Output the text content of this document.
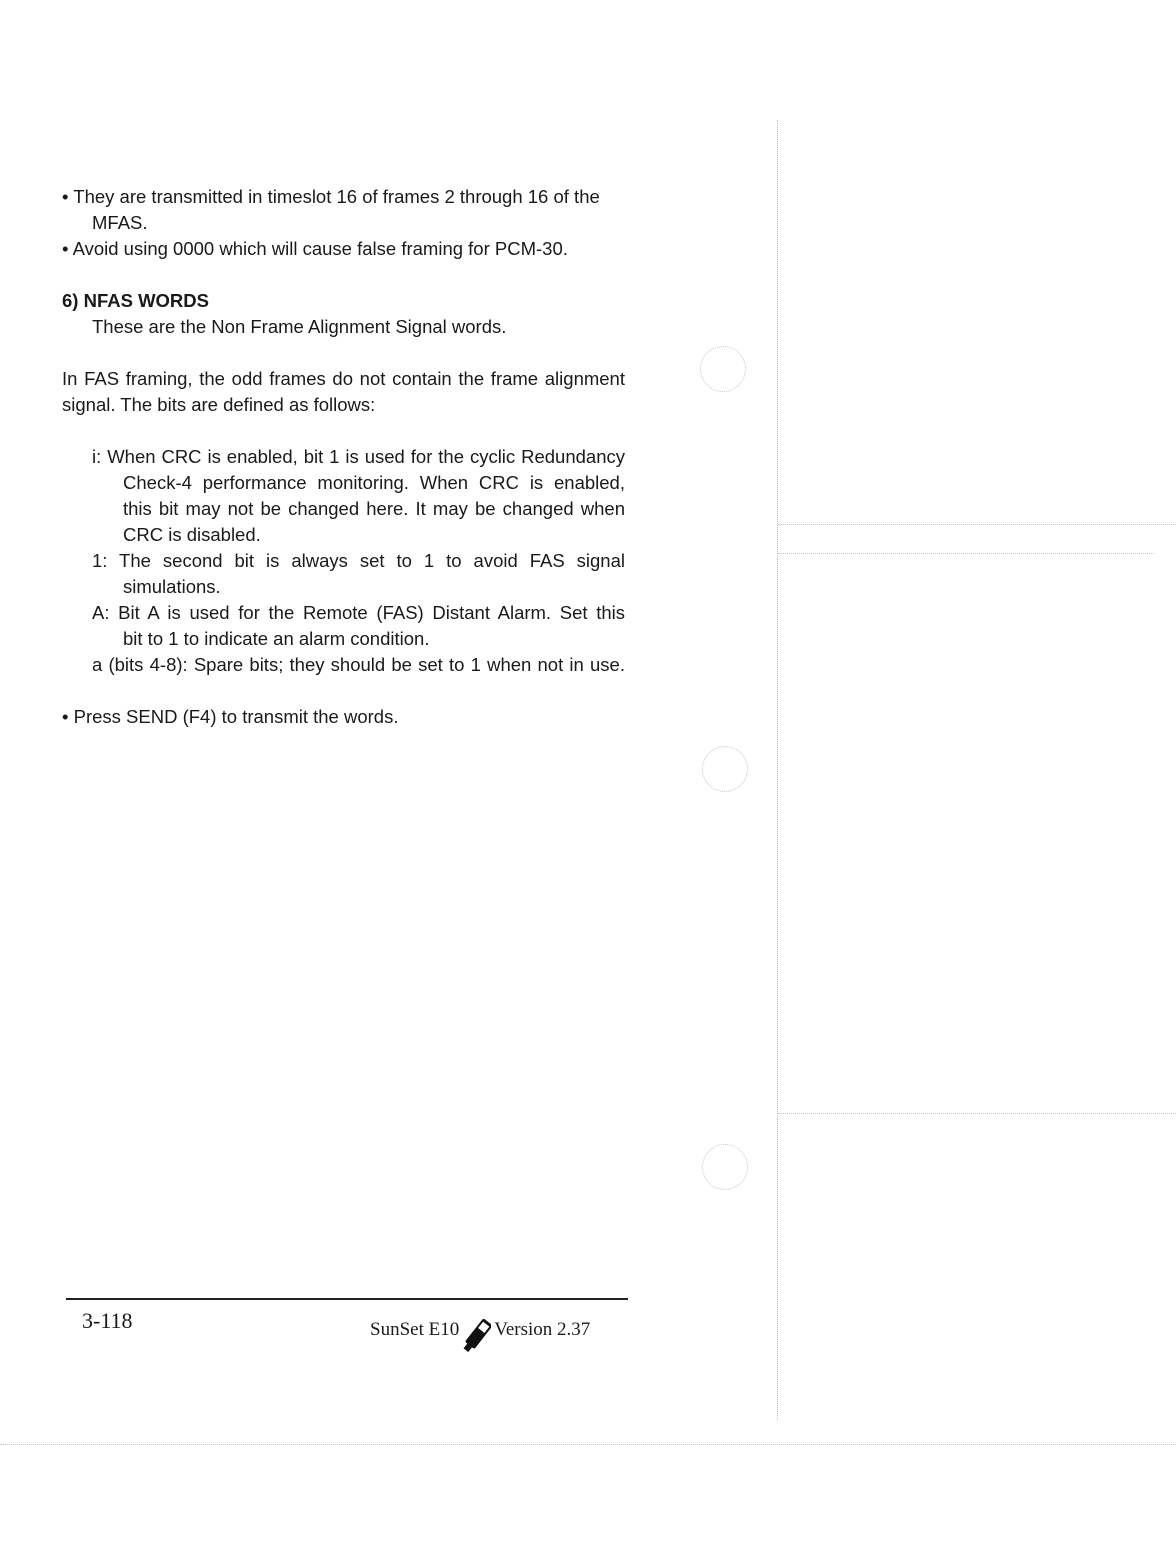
• They are transmitted in timeslot 16 of frames 2 through 16 of the
MFAS.
• Avoid using 0000 which will cause false framing for PCM-30.
6) NFAS WORDS
These are the Non Frame Alignment Signal words.
In FAS framing, the odd frames do not contain the frame alignment
signal. The bits are defined as follows:
i: When CRC is enabled, bit 1 is used for the cyclic Redundancy
Check-4 performance monitoring. When CRC is enabled,
this bit may not be changed here. It may be changed when
CRC is disabled.
1: The second bit is always set to 1 to avoid FAS signal
simulations.
A: Bit A is used for the Remote (FAS) Distant Alarm. Set this
bit to 1 to indicate an alarm condition.
a (bits 4-8): Spare bits; they should be set to 1 when not in use.
• Press SEND (F4) to transmit the words.
3-118	SunSet E10 Version 2.37
